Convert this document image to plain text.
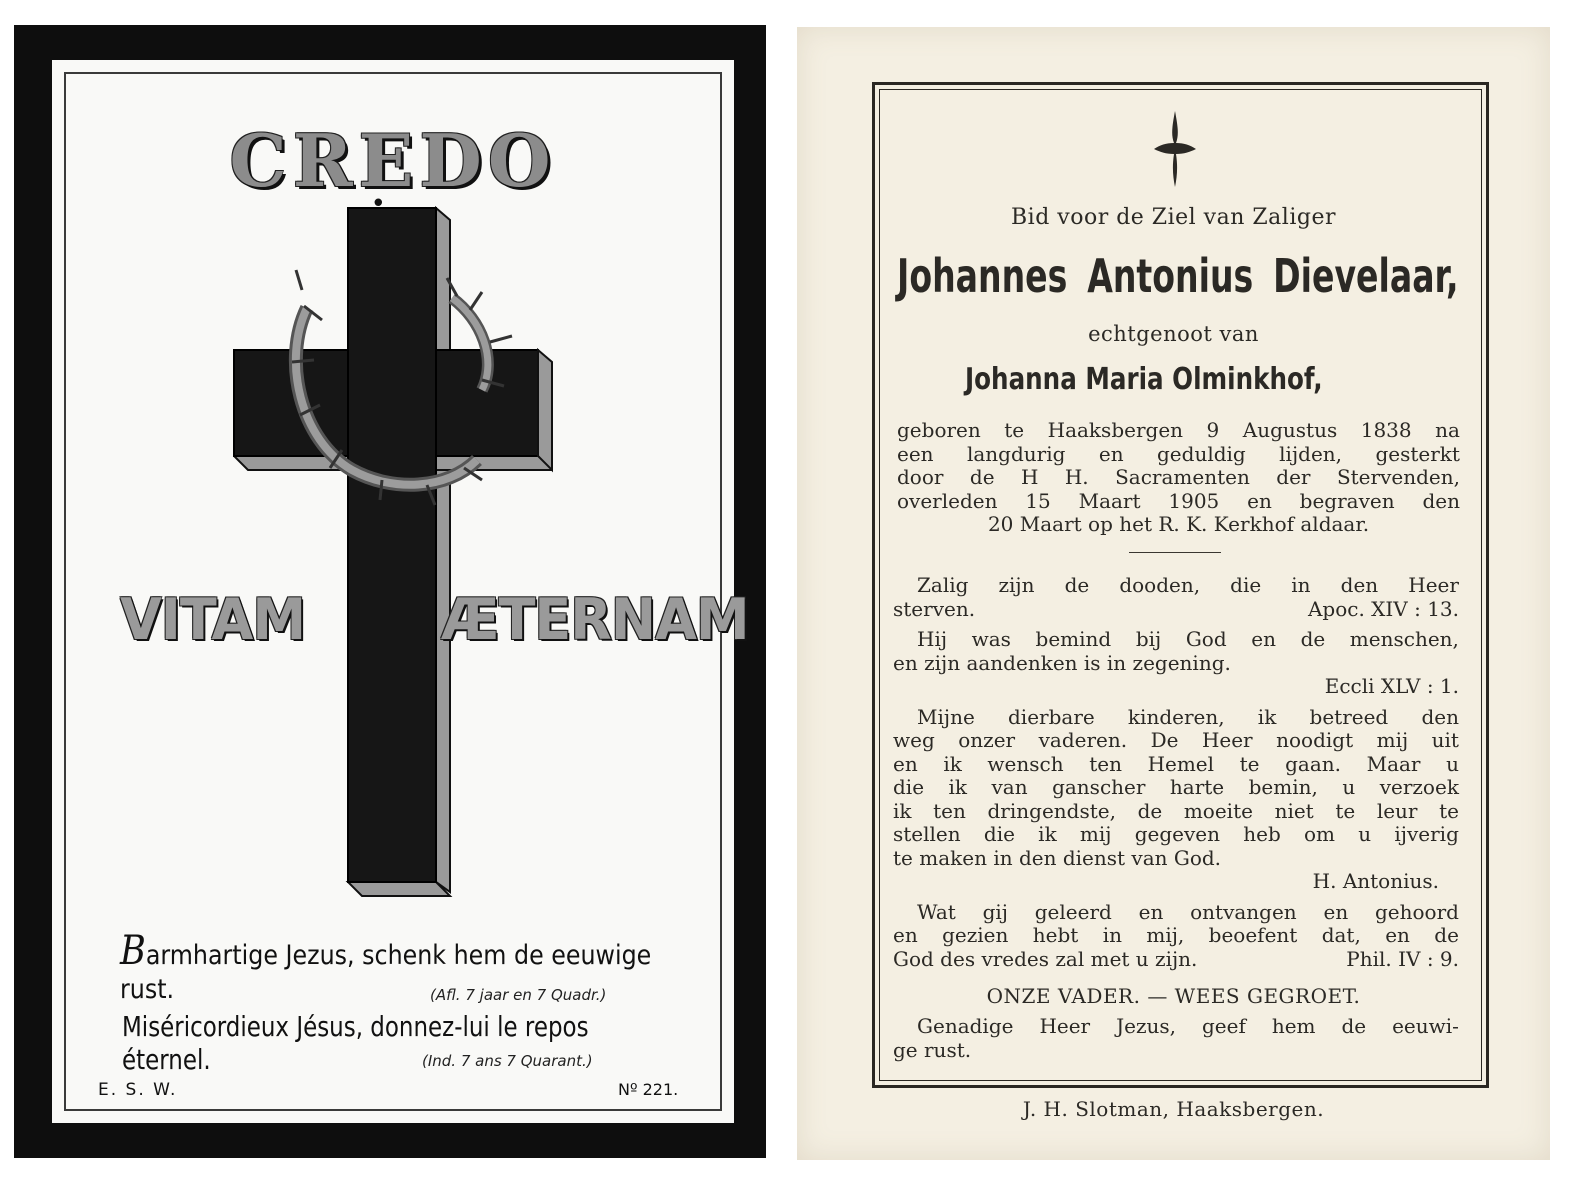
CREDO
VITAM	ÆTERNAM
Barmhartige Jezus, schenk hem de eeuwige rust.	(Afl. 7 jaar en 7 Quadr.)
Miséricordieux Jésus, donnez-lui le repos éternel.	(Ind. 7 ans 7 Quarant.)
E. S. W.	Nº 221.
Bid voor de Ziel van Zaliger
Johannes Antonius Dievelaar,
echtgenoot van
Johanna Maria Olminkhof,
geboren te Haaksbergen 9 Augustus 1838 na
een langdurig en geduldig lijden, gesterkt
door de H H. Sacramenten der Stervenden,
overleden 15 Maart 1905 en begraven den
20 Maart op het R. K. Kerkhof aldaar.
Zalig zijn de dooden, die in den Heer
sterven.	Apoc. XIV : 13.
Hij was bemind bij God en de menschen,
en zijn aandenken is in zegening.
Eccli XLV : 1.
Mijne dierbare kinderen, ik betreed den
weg onzer vaderen. De Heer noodigt mij uit
en ik wensch ten Hemel te gaan. Maar u
die ik van ganscher harte bemin, u verzoek
ik ten dringendste, de moeite niet te leur te
stellen die ik mij gegeven heb om u ijverig
te maken in den dienst van God.
H. Antonius.
Wat gij geleerd en ontvangen en gehoord
en gezien hebt in mij, beoefent dat, en de
God des vredes zal met u zijn.	Phil. IV : 9.
ONZE VADER. — WEES GEGROET.
Genadige Heer Jezus, geef hem de eeuwi-
ge rust.
J. H. Slotman, Haaksbergen.
